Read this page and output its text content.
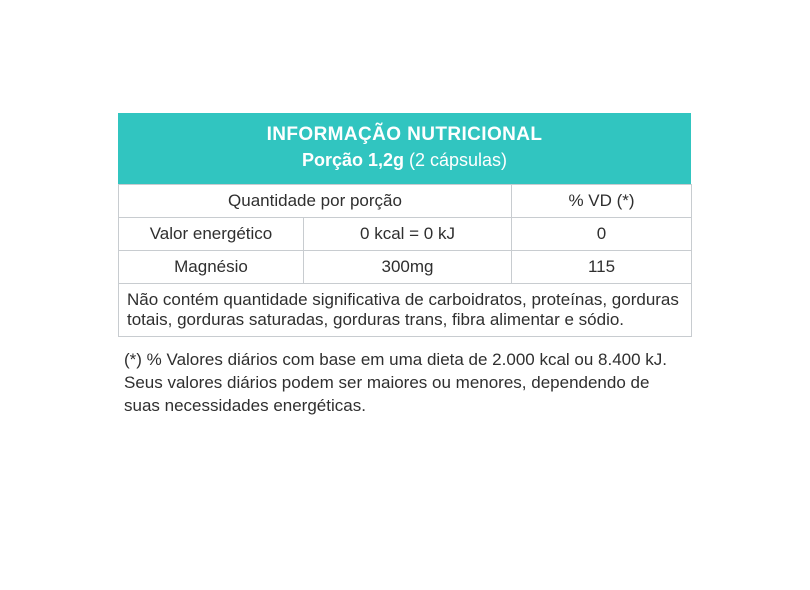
INFORMAÇÃO NUTRICIONAL
Porção 1,2g (2 cápsulas)
Quantidade por porção		% VD (*)
Valor energético	0 kcal = 0 kJ	0
Magnésio	300mg	115
Não contém quantidade significativa de carboidratos, proteínas, gorduras totais, gorduras saturadas, gorduras trans, fibra alimentar e sódio.		
(*) % Valores diários com base em uma dieta de 2.000 kcal ou 8.400 kJ. Seus valores diários podem ser maiores ou menores, dependendo de suas necessidades energéticas.
